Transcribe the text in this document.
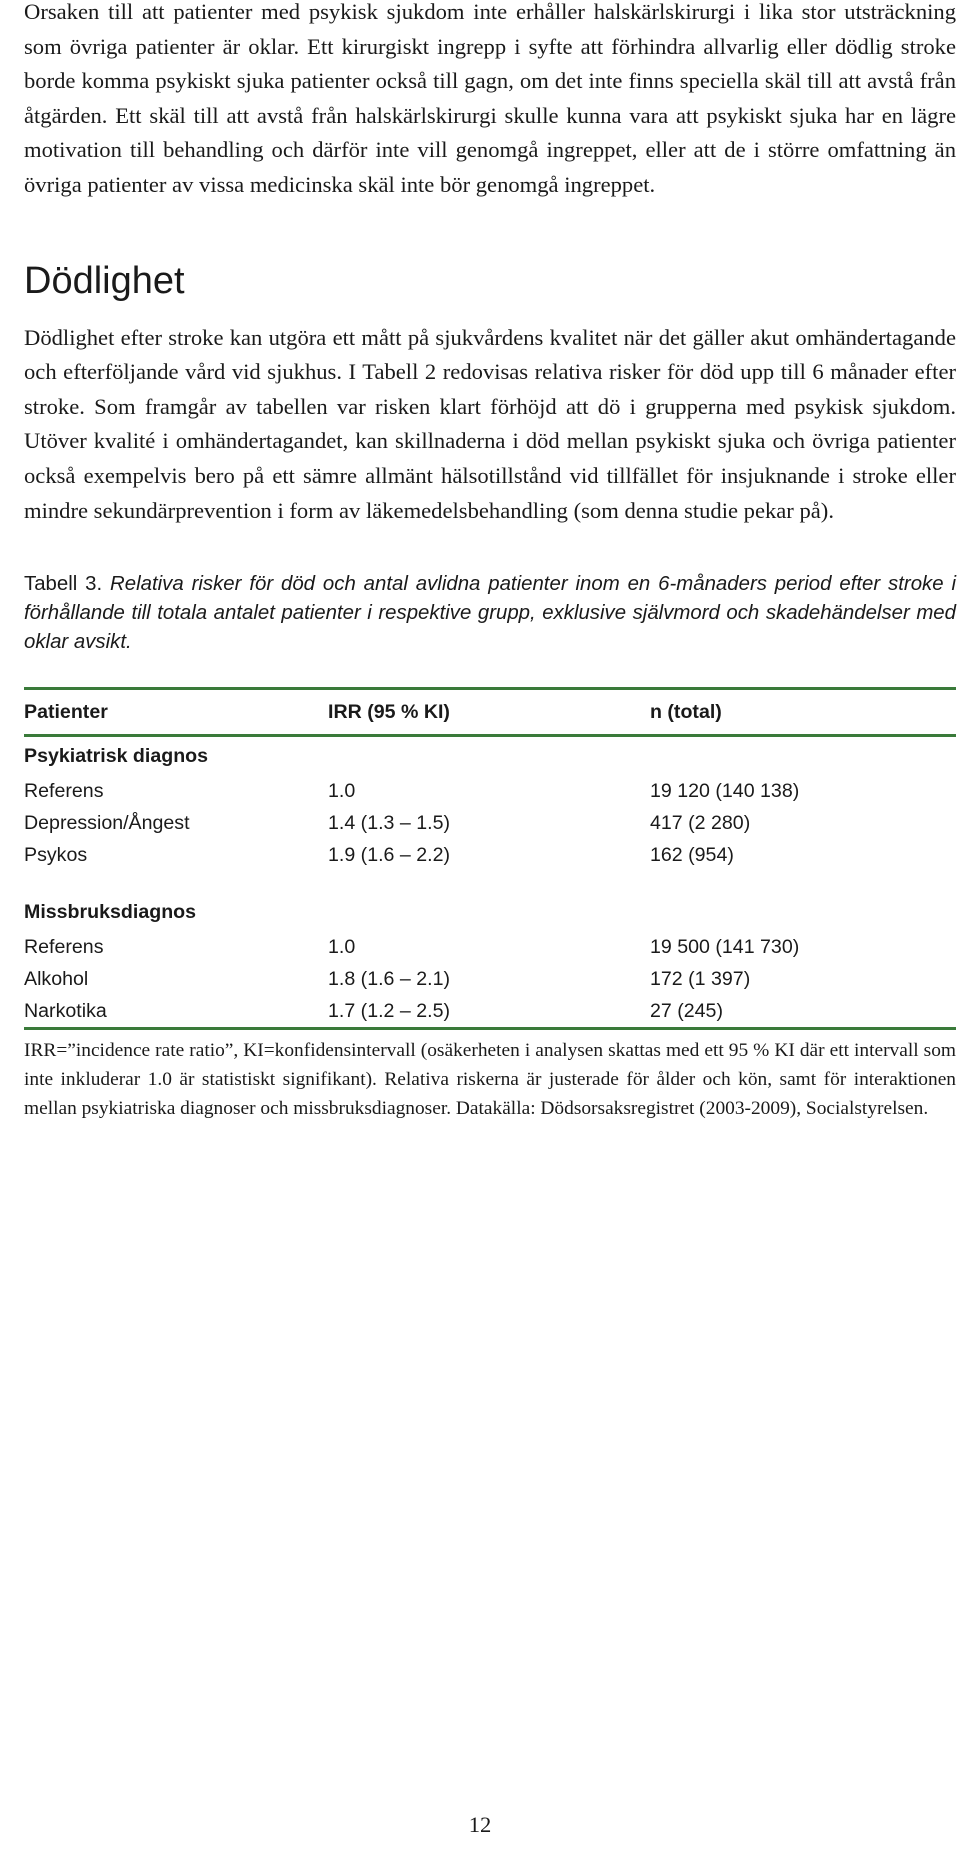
Orsaken till att patienter med psykisk sjukdom inte erhåller halskärlskirurgi i lika stor utsträckning som övriga patienter är oklar. Ett kirurgiskt ingrepp i syfte att förhindra allvarlig eller dödlig stroke borde komma psykiskt sjuka patienter också till gagn, om det inte finns speciella skäl till att avstå från åtgärden. Ett skäl till att avstå från halskärlskirurgi skulle kunna vara att psykiskt sjuka har en lägre motivation till behandling och därför inte vill genomgå ingreppet, eller att de i större omfattning än övriga patienter av vissa medicinska skäl inte bör genomgå ingreppet.

Dödlighet

Dödlighet efter stroke kan utgöra ett mått på sjukvårdens kvalitet när det gäller akut omhändertagande och efterföljande vård vid sjukhus. I Tabell 2 redovisas relativa risker för död upp till 6 månader efter stroke. Som framgår av tabellen var risken klart förhöjd att dö i grupperna med psykisk sjukdom. Utöver kvalité i omhändertagandet, kan skillnaderna i död mellan psykiskt sjuka och övriga patienter också exempelvis bero på ett sämre allmänt hälsotillstånd vid tillfället för insjuknande i stroke eller mindre sekundärprevention i form av läkemedelsbehandling (som denna studie pekar på).

Tabell 3. Relativa risker för död och antal avlidna patienter inom en 6-månaders period efter stroke i förhållande till totala antalet patienter i respektive grupp, exklusive självmord och skadehändelser med oklar avsikt.

Patienter	IRR (95 % KI)	n (total)
Psykiatrisk diagnos		
Referens	1.0	19 120 (140 138)
Depression/Ångest	1.4 (1.3 – 1.5)	417 (2 280)
Psykos	1.9 (1.6 – 2.2)	162 (954)

Missbruksdiagnos		
Referens	1.0	19 500 (141 730)
Alkohol	1.8 (1.6 – 2.1)	172 (1 397)
Narkotika	1.7 (1.2 – 2.5)	27 (245)

IRR=”incidence rate ratio”, KI=konfidensintervall (osäkerheten i analysen skattas med ett 95 % KI där ett intervall som inte inkluderar 1.0 är statistiskt signifikant). Relativa riskerna är justerade för ålder och kön, samt för interaktionen mellan psykiatriska diagnoser och missbruksdiagnoser. Datakälla: Dödsorsaksregistret (2003-2009), Socialstyrelsen.

12
